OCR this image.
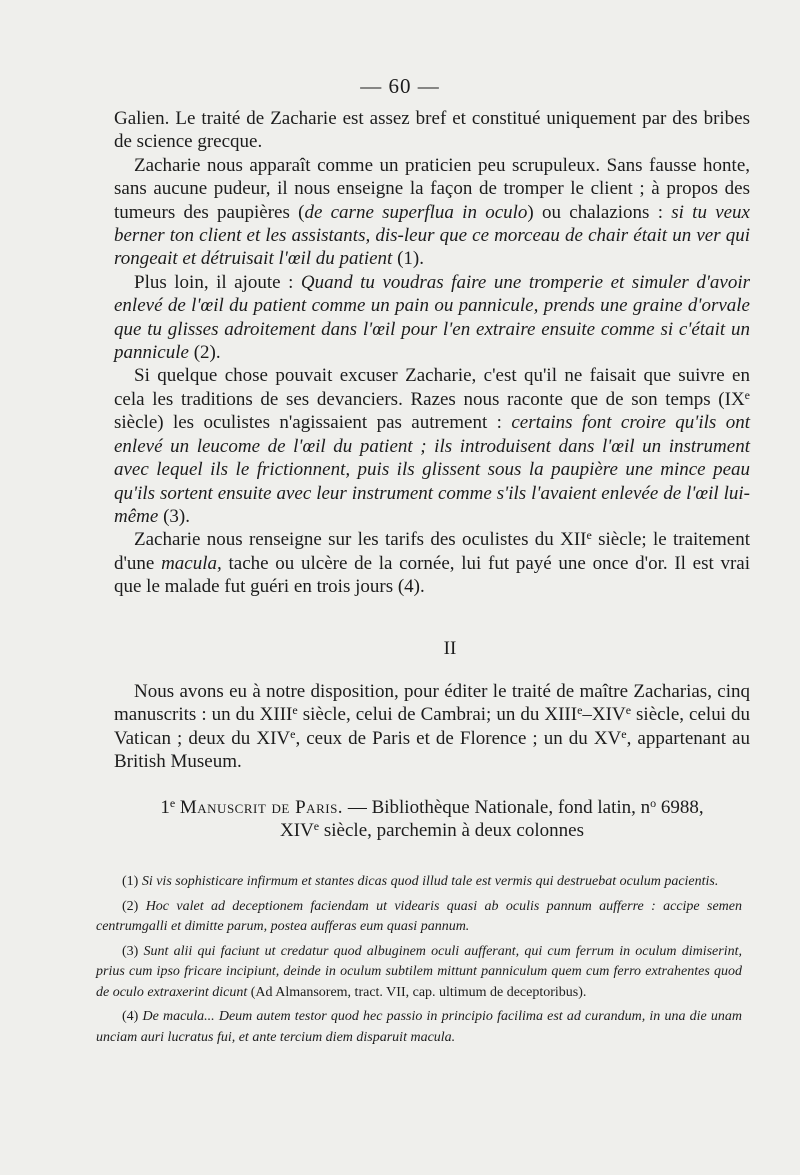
— 60 —

Galien. Le traité de Zacharie est assez bref et constitué uniquement par des bribes de science grecque.

Zacharie nous apparaît comme un praticien peu scrupuleux. Sans fausse honte, sans aucune pudeur, il nous enseigne la façon de tromper le client ; à propos des tumeurs des paupières (de carne superflua in oculo) ou chalazions : si tu veux berner ton client et les assistants, dis-leur que ce morceau de chair était un ver qui rongeait et détruisait l'œil du patient (1).

Plus loin, il ajoute : Quand tu voudras faire une tromperie et simuler d'avoir enlevé de l'œil du patient comme un pain ou pannicule, prends une graine d'orvale que tu glisses adroitement dans l'œil pour l'en extraire ensuite comme si c'était un pannicule (2).

Si quelque chose pouvait excuser Zacharie, c'est qu'il ne faisait que suivre en cela les traditions de ses devanciers. Razes nous raconte que de son temps (IXe siècle) les oculistes n'agissaient pas autrement : certains font croire qu'ils ont enlevé un leucome de l'œil du patient ; ils introduisent dans l'œil un instrument avec lequel ils le frictionnent, puis ils glissent sous la paupière une mince peau qu'ils sortent ensuite avec leur instrument comme s'ils l'avaient enlevée de l'œil lui-même (3).

Zacharie nous renseigne sur les tarifs des oculistes du XIIe siècle; le traitement d'une macula, tache ou ulcère de la cornée, lui fut payé une once d'or. Il est vrai que le malade fut guéri en trois jours (4).

II

Nous avons eu à notre disposition, pour éditer le traité de maître Zacharias, cinq manuscrits : un du XIIIe siècle, celui de Cambrai; un du XIIIe–XIVe siècle, celui du Vatican ; deux du XIVe, ceux de Paris et de Florence ; un du XVe, appartenant au British Museum.

1e Manuscrit de Paris. — Bibliothèque Nationale, fond latin, $n^o$ 6988,
XIVe siècle, parchemin à deux colonnes

(1) Si vis sophisticare infirmum et stantes dicas quod illud tale est vermis qui destruebat oculum pacientis.

(2) Hoc valet ad deceptionem faciendam ut videaris quasi ab oculis pannum aufferre : accipe semen centrumgalli et dimitte parum, postea aufferas eum quasi pannum.

(3) Sunt alii qui faciunt ut credatur quod albuginem oculi aufferant, qui cum ferrum in oculum dimiserint, prius cum ipso fricare incipiunt, deinde in oculum subtilem mittunt panniculum quem cum ferro extrahentes quod de oculo extraxerint dicunt (Ad Almansorem, tract. VII, cap. ultimum de deceptoribus).

(4) De macula... Deum autem testor quod hec passio in principio facilima est ad curandum, in una die unam unciam auri lucratus fui, et ante tercium diem disparuit macula.
